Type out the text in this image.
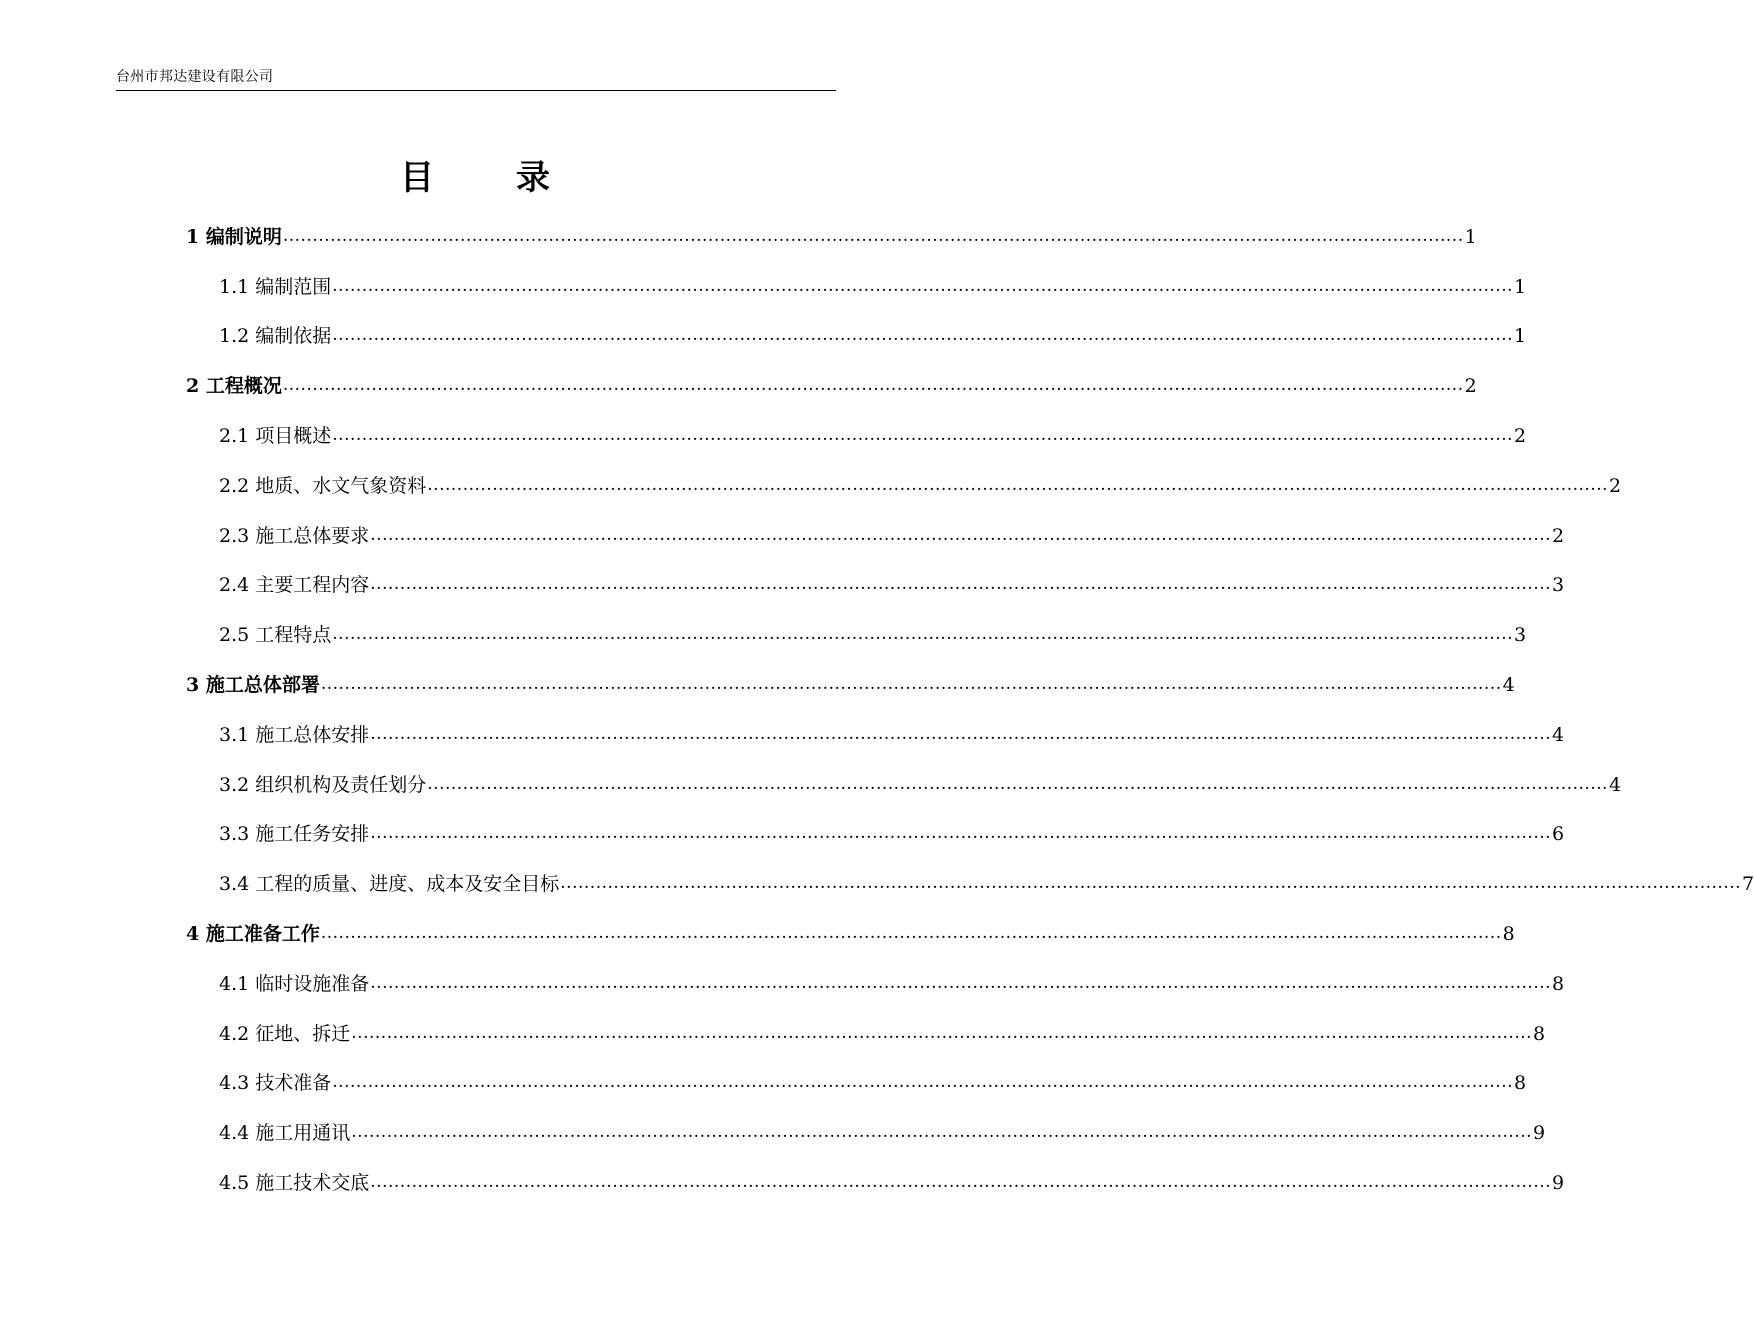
台州市邦达建设有限公司
目 录
1 编制说明 ........................................................................................................................................................................................................ 1
1.1 编制范围 ........................................................................................................................................................................................................ 1
1.2 编制依据 ........................................................................................................................................................................................................ 1
2 工程概况 ........................................................................................................................................................................................................ 2
2.1 项目概述 ........................................................................................................................................................................................................ 2
2.2 地质、水文气象资料 ........................................................................................................................................................................................................ 2
2.3 施工总体要求 ........................................................................................................................................................................................................ 2
2.4 主要工程内容 ........................................................................................................................................................................................................ 3
2.5 工程特点 ........................................................................................................................................................................................................ 3
3 施工总体部署 ........................................................................................................................................................................................................ 4
3.1 施工总体安排 ........................................................................................................................................................................................................ 4
3.2 组织机构及责任划分 ........................................................................................................................................................................................................ 4
3.3 施工任务安排 ........................................................................................................................................................................................................ 6
3.4 工程的质量、进度、成本及安全目标 ........................................................................................................................................................................................................ 7
4 施工准备工作 ........................................................................................................................................................................................................ 8
4.1 临时设施准备 ........................................................................................................................................................................................................ 8
4.2 征地、拆迁 ........................................................................................................................................................................................................ 8
4.3 技术准备 ........................................................................................................................................................................................................ 8
4.4 施工用通讯 ........................................................................................................................................................................................................ 9
4.5 施工技术交底 ........................................................................................................................................................................................................ 9
